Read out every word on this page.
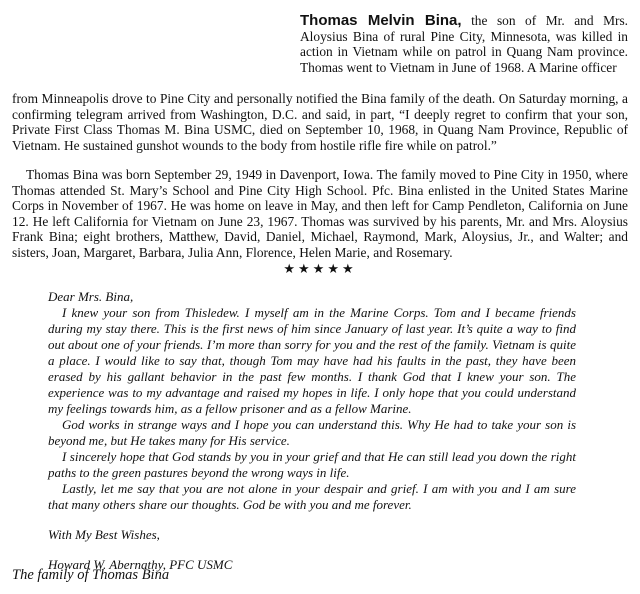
Thomas Melvin Bina, the son of Mr. and Mrs. Aloysius Bina of rural Pine City, Minnesota, was killed in action in Vietnam while on patrol in Quang Nam province. Thomas went to Vietnam in June of 1968. A Marine officer

from Minneapolis drove to Pine City and personally notified the Bina family of the death. On Saturday morning, a confirming telegram arrived from Washington, D.C. and said, in part, “I deeply regret to confirm that your son, Private First Class Thomas M. Bina USMC, died on September 10, 1968, in Quang Nam Province, Republic of Vietnam. He sustained gunshot wounds to the body from hostile rifle fire while on patrol.”

Thomas Bina was born September 29, 1949 in Davenport, Iowa. The family moved to Pine City in 1950, where Thomas attended St. Mary’s School and Pine City High School. Pfc. Bina enlisted in the United States Marine Corps in November of 1967. He was home on leave in May, and then left for Camp Pendleton, California on June 12. He left California for Vietnam on June 23, 1967. Thomas was survived by his parents, Mr. and Mrs. Aloysius Frank Bina; eight brothers, Matthew, David, Daniel, Michael, Raymond, Mark, Aloysius, Jr., and Walter; and sisters, Joan, Margaret, Barbara, Julia Ann, Florence, Helen Marie, and Rosemary.

★★★★★

Dear Mrs. Bina,

I knew your son from Thisledew. I myself am in the Marine Corps. Tom and I became friends during my stay there. This is the first news of him since January of last year. It’s quite a way to find out about one of your friends. I’m more than sorry for you and the rest of the family. Vietnam is quite a place. I would like to say that, though Tom may have had his faults in the past, they have been erased by his gallant behavior in the past few months. I thank God that I knew your son. The experience was to my advantage and raised my hopes in life. I only hope that you could understand my feelings towards him, as a fellow prisoner and as a fellow Marine.

God works in strange ways and I hope you can understand this. Why He had to take your son is beyond me, but He takes many for His service.

I sincerely hope that God stands by you in your grief and that He can still lead you down the right paths to the green pastures beyond the wrong ways in life.

Lastly, let me say that you are not alone in your despair and grief. I am with you and I am sure that many others share our thoughts. God be with you and me forever.

With My Best Wishes,

Howard W. Abernathy, PFC USMC

The family of Thomas Bina
